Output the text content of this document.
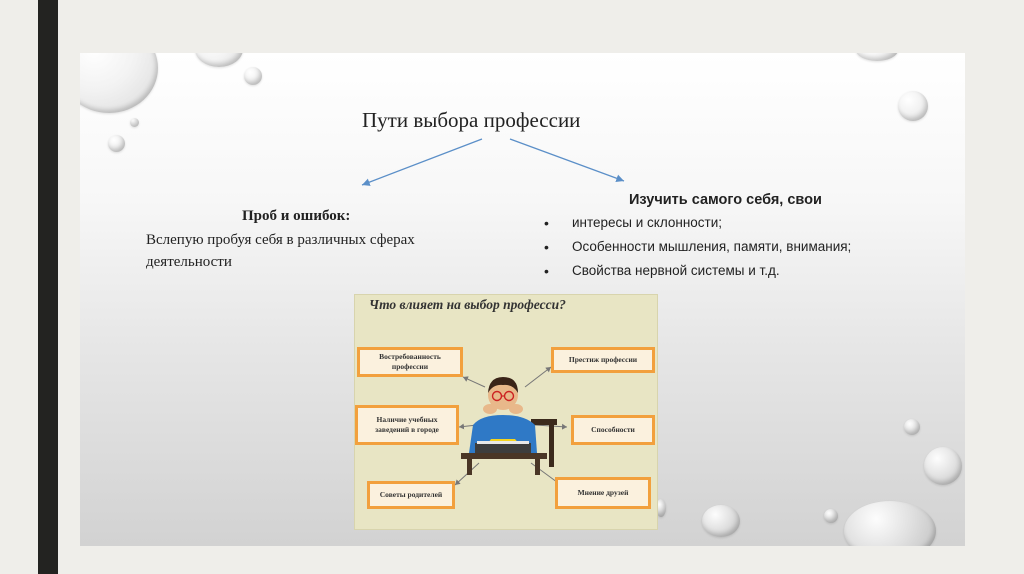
Пути выбора профессии
Проб и ошибок:
Вслепую пробуя себя в различных сферах деятельности
Изучить самого себя, свои
• интересы и склонности;
• Особенности мышления, памяти, внимания;
• Свойства нервной системы и т.д.
Что влияет на выбор професси?
Востребованность профессии
Престиж профессии
Наличие учебных заведений в городе	Способности
Советы родителей	Мнение друзей
